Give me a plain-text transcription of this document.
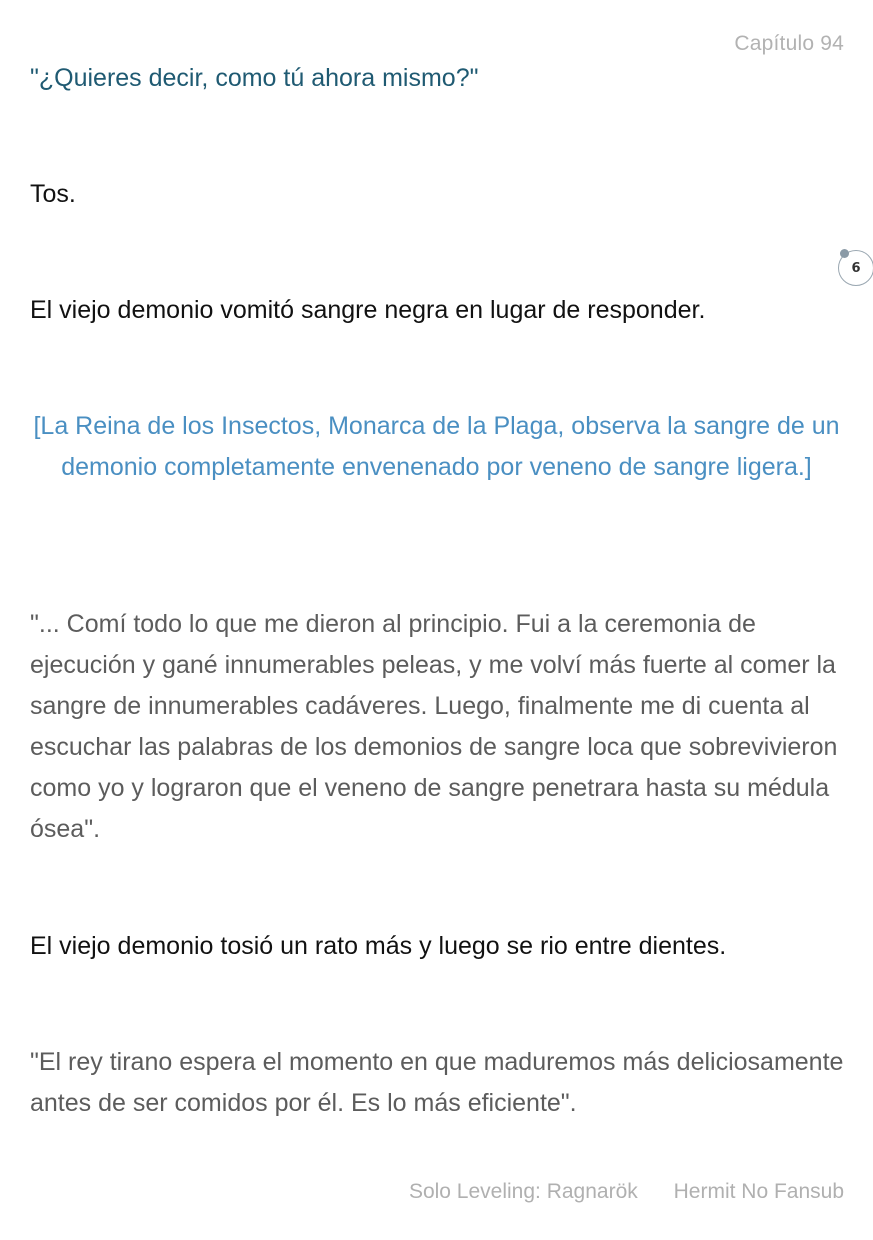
Capítulo 94

"¿Quieres decir, como tú ahora mismo?"

Tos.

El viejo demonio vomitó sangre negra en lugar de responder.

6

[La Reina de los Insectos, Monarca de la Plaga, observa la sangre de un demonio completamente envenenado por veneno de sangre ligera.]

"... Comí todo lo que me dieron al principio. Fui a la ceremonia de ejecución y gané innumerables peleas, y me volví más fuerte al comer la sangre de innumerables cadáveres. Luego, finalmente me di cuenta al escuchar las palabras de los demonios de sangre loca que sobrevivieron como yo y lograron que el veneno de sangre penetrara hasta su médula ósea".

El viejo demonio tosió un rato más y luego se rio entre dientes.

"El rey tirano espera el momento en que maduremos más deliciosamente antes de ser comidos por él. Es lo más eficiente".

Solo Leveling: Ragnarök Hermit No Fansub
